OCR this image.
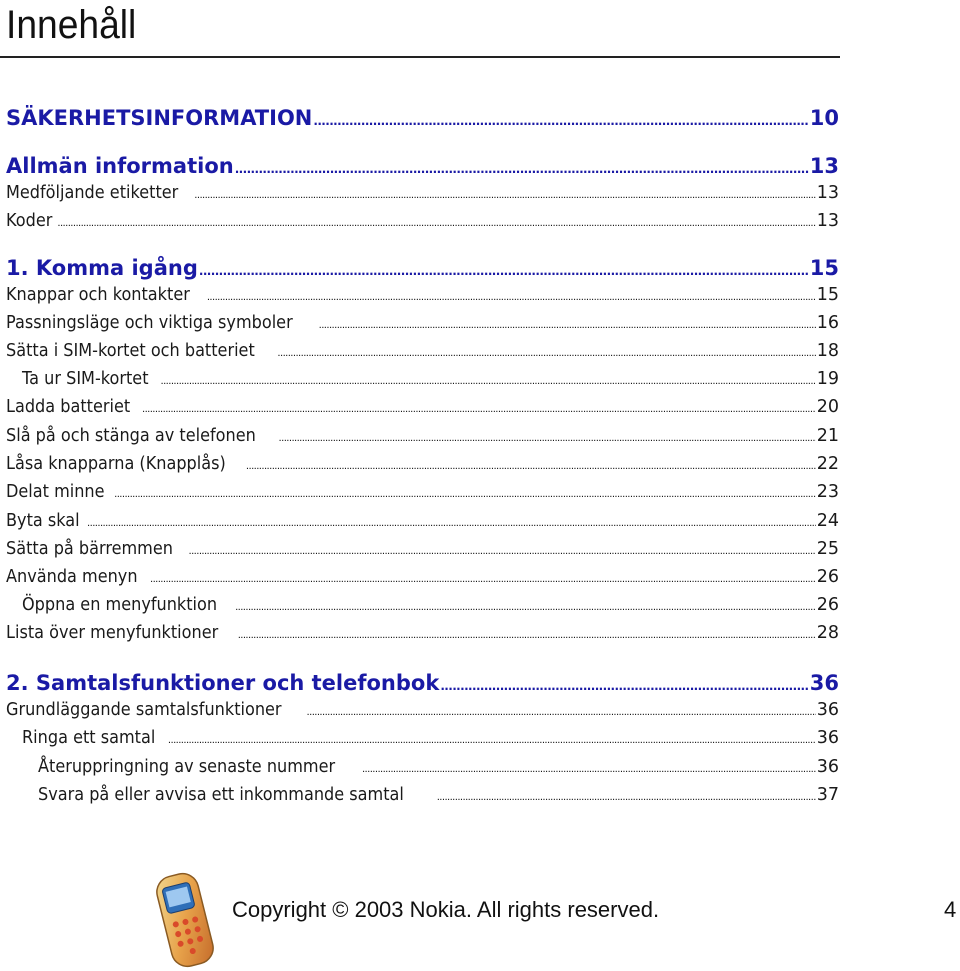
Innehåll
SÄKERHETSINFORMATION .....	10
Allmän information .....	13
Medföljande etiketter .....	13
Koder .....	13
1. Komma igång .....	15
Knappar och kontakter .....	15
Passningsläge och viktiga symboler .....	16
Sätta i SIM-kortet och batteriet .....	18
Ta ur SIM-kortet .....	19
Ladda batteriet .....	20
Slå på och stänga av telefonen .....	21
Låsa knapparna (Knapplås) .....	22
Delat minne .....	23
Byta skal .....	24
Sätta på bärremmen .....	25
Använda menyn .....	26
Öppna en menyfunktion .....	26
Lista över menyfunktioner .....	28
2. Samtalsfunktioner och telefonbok .....	36
Grundläggande samtalsfunktioner .....	36
Ringa ett samtal .....	36
Återuppringning av senaste nummer .....	36
Svara på eller avvisa ett inkommande samtal .....	37
Copyright © 2003 Nokia. All rights reserved.	4
